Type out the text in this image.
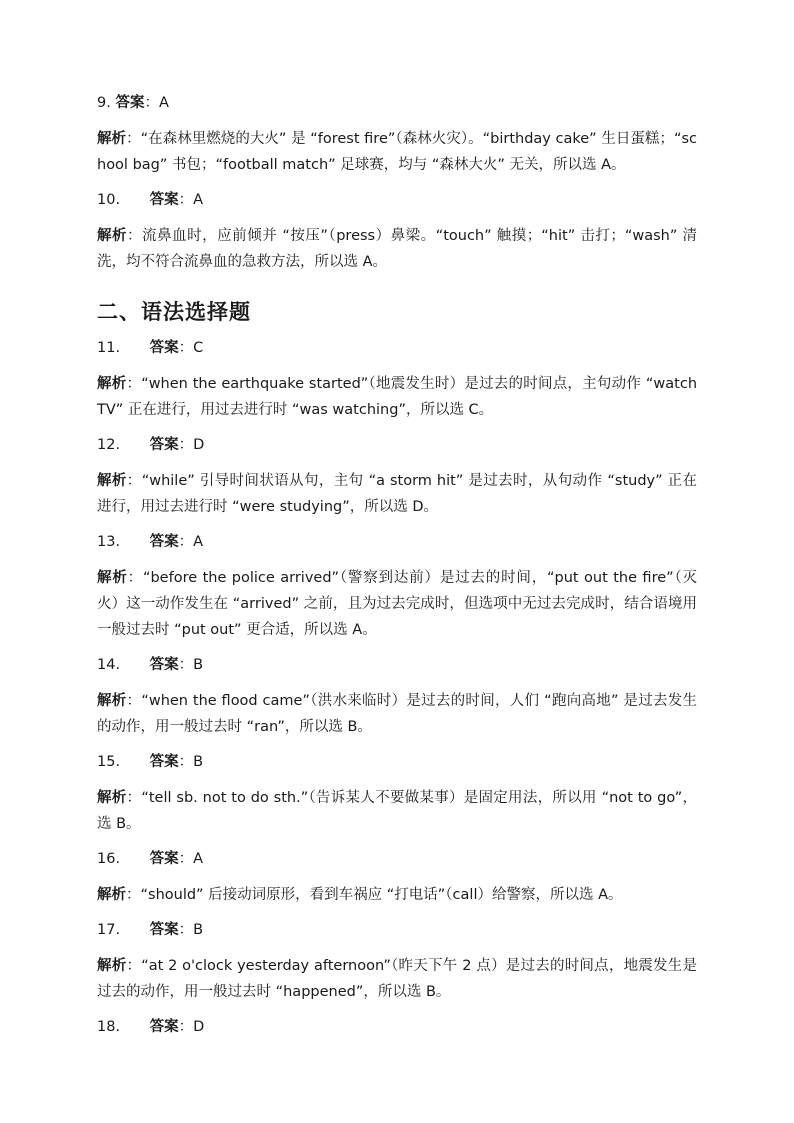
9. 答案：A
解析：“在森林里燃烧的大火” 是 “forest fire”（森林火灾）。“birthday cake” 生日蛋糕；“school bag” 书包；“football match” 足球赛，均与 “森林大火” 无关，所以选 A。
10. 答案：A
解析：流鼻血时，应前倾并 “按压”（press）鼻梁。“touch” 触摸；“hit” 击打；“wash” 清洗，均不符合流鼻血的急救方法，所以选 A。
二、语法选择题
11. 答案：C
解析：“when the earthquake started”（地震发生时）是过去的时间点，主句动作 “watch TV” 正在进行，用过去进行时 “was watching”，所以选 C。
12. 答案：D
解析：“while” 引导时间状语从句，主句 “a storm hit” 是过去时，从句动作 “study” 正在进行，用过去进行时 “were studying”，所以选 D。
13. 答案：A
解析：“before the police arrived”（警察到达前）是过去的时间，“put out the fire”（灭火）这一动作发生在 “arrived” 之前，且为过去完成时，但选项中无过去完成时，结合语境用一般过去时 “put out” 更合适，所以选 A。
14. 答案：B
解析：“when the flood came”（洪水来临时）是过去的时间，人们 “跑向高地” 是过去发生的动作，用一般过去时 “ran”，所以选 B。
15. 答案：B
解析：“tell sb. not to do sth.”（告诉某人不要做某事）是固定用法，所以用 “not to go”，选 B。
16. 答案：A
解析：“should” 后接动词原形，看到车祸应 “打电话”（call）给警察，所以选 A。
17. 答案：B
解析：“at 2 o'clock yesterday afternoon”（昨天下午 2 点）是过去的时间点，地震发生是过去的动作，用一般过去时 “happened”，所以选 B。
18. 答案：D
